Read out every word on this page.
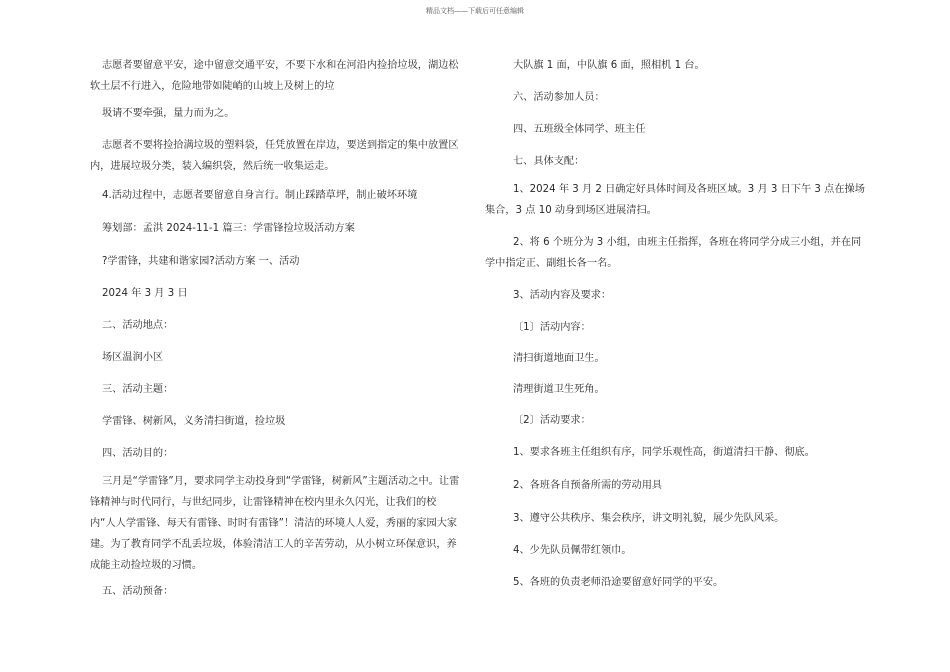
精品文档——下载后可任意编辑

志愿者要留意平安，途中留意交通平安，不要下水和在河沿内捡拾垃圾，湖边松软土层不行进入，危险地带如陡峭的山坡上及树上的垃

圾请不要牵强，量力而为之。

志愿者不要将捡拾满垃圾的塑料袋，任凭放置在岸边，要送到指定的集中放置区内，进展垃圾分类，装入编织袋，然后统一收集运走。

4.活动过程中，志愿者要留意自身言行。制止踩踏草坪，制止破坏环境

筹划部：孟洪 2024-11-1 篇三：学雷锋捡垃圾活动方案

?学雷锋，共建和谐家园?活动方案 一、活动

2024 年 3 月 3 日

二、活动地点：

场区温润小区

三、活动主题：

学雷锋、树新风，义务清扫街道，捡垃圾

四、活动目的：

三月是“学雷锋”月，要求同学主动投身到“学雷锋，树新风”主题活动之中。让雷锋精神与时代同行，与世纪同步，让雷锋精神在校内里永久闪光，让我们的校内“人人学雷锋、每天有雷锋、时时有雷锋”！清洁的环境人人爱，秀丽的家园大家建。为了教育同学不乱丢垃圾，体验清洁工人的辛苦劳动，从小树立环保意识，养成能主动捡垃圾的习惯。

五、活动预备：

大队旗 1 面，中队旗 6 面，照相机 1 台。

六、活动参加人员：

四、五班级全体同学、班主任

七、具体支配：

1、2024 年 3 月 2 日确定好具体时间及各班区域。3 月 3 日下午 3 点在操场集合，3 点 10 动身到场区进展清扫。

2、将 6 个班分为 3 小组，由班主任指挥，各班在将同学分成三小组，并在同学中指定正、副组长各一名。

3、活动内容及要求：

〔1〕活动内容：

清扫街道地面卫生。

清理街道卫生死角。

〔2〕活动要求：

1、要求各班主任组织有序，同学乐观性高，街道清扫干静、彻底。

2、各班各自预备所需的劳动用具

3、遵守公共秩序、集会秩序，讲文明礼貌，展少先队风采。

4、少先队员佩带红领巾。

5、各班的负责老师沿途要留意好同学的平安。
